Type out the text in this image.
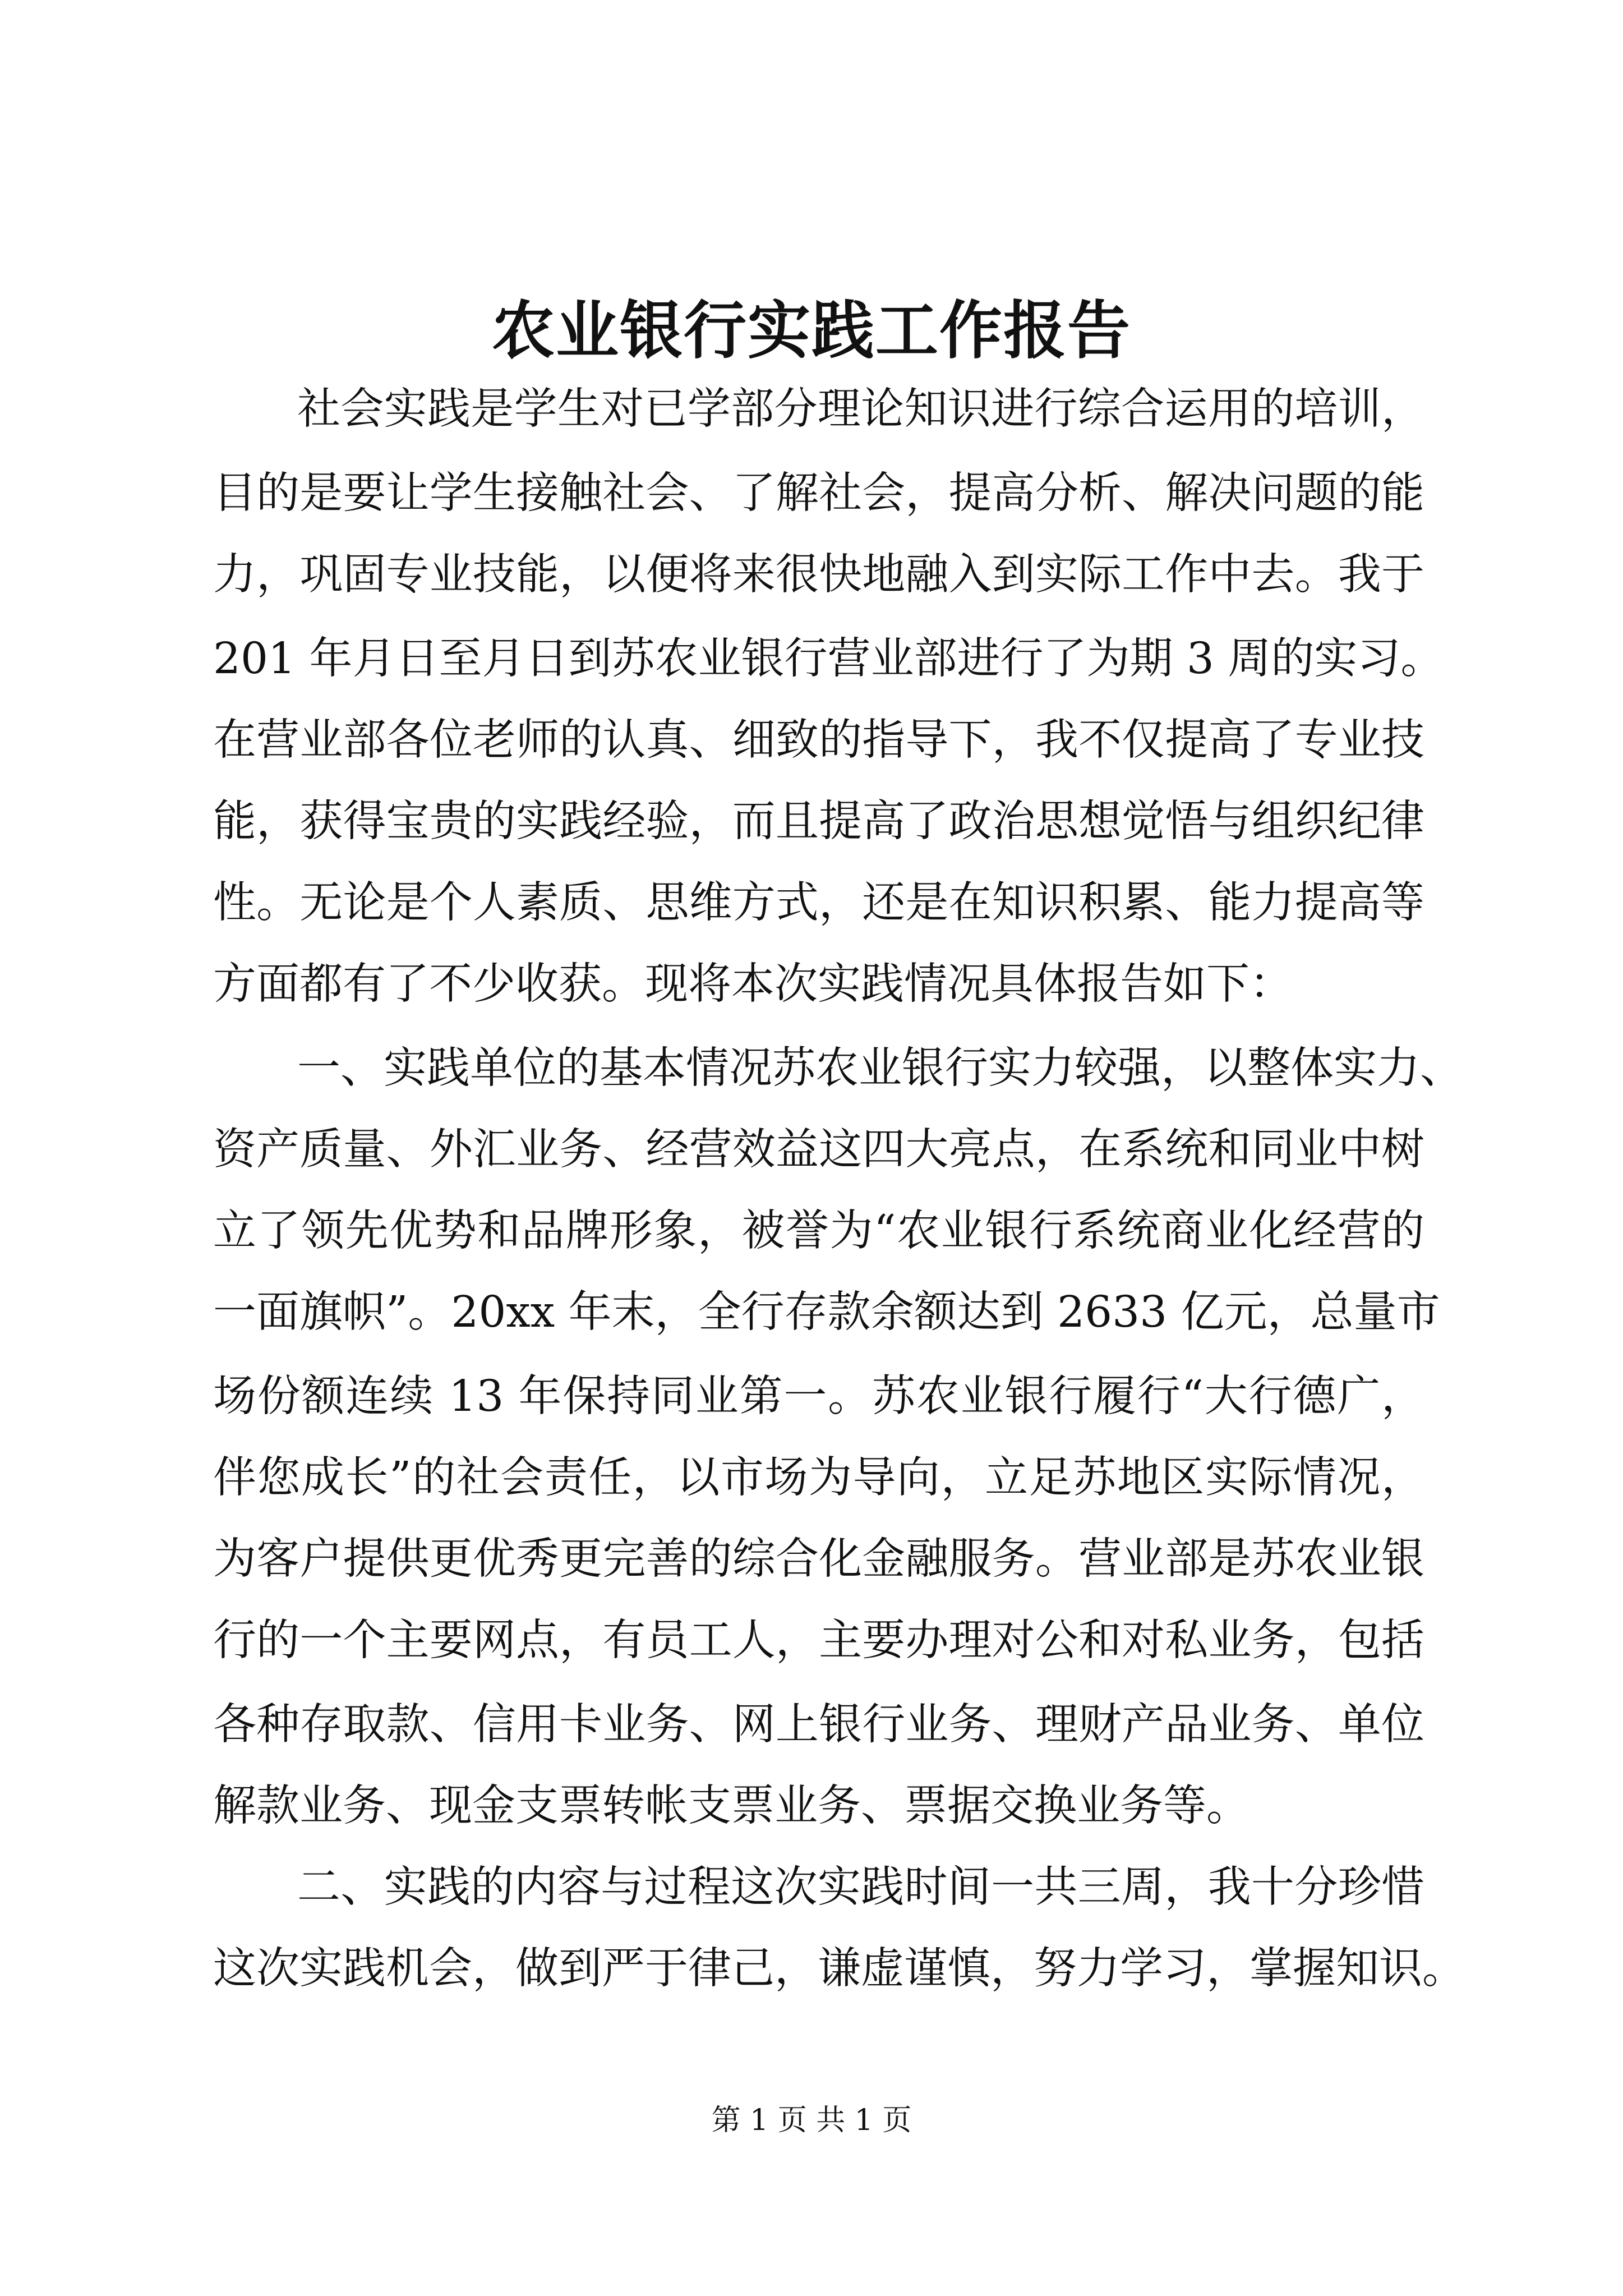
农业银行实践工作报告
社会实践是学生对已学部分理论知识进行综合运用的培训，
目的是要让学生接触社会、了解社会，提高分析、解决问题的能
力，巩固专业技能，以便将来很快地融入到实际工作中去。我于
201 年月日至月日到苏农业银行营业部进行了为期 3 周的实习。
在营业部各位老师的认真、细致的指导下，我不仅提高了专业技
能，获得宝贵的实践经验，而且提高了政治思想觉悟与组织纪律
性。无论是个人素质、思维方式，还是在知识积累、能力提高等
方面都有了不少收获。现将本次实践情况具体报告如下：
一、实践单位的基本情况苏农业银行实力较强，以整体实力、
资产质量、外汇业务、经营效益这四大亮点，在系统和同业中树
立了领先优势和品牌形象，被誉为“农业银行系统商业化经营的
一面旗帜”。20xx 年末，全行存款余额达到 2633 亿元，总量市
场份额连续 13 年保持同业第一。苏农业银行履行“大行德广，
伴您成长”的社会责任，以市场为导向，立足苏地区实际情况，
为客户提供更优秀更完善的综合化金融服务。营业部是苏农业银
行的一个主要网点，有员工人，主要办理对公和对私业务，包括
各种存取款、信用卡业务、网上银行业务、理财产品业务、单位
解款业务、现金支票转帐支票业务、票据交换业务等。
二、实践的内容与过程这次实践时间一共三周，我十分珍惜
这次实践机会，做到严于律己，谦虚谨慎，努力学习，掌握知识。
第 1 页 共 1 页
